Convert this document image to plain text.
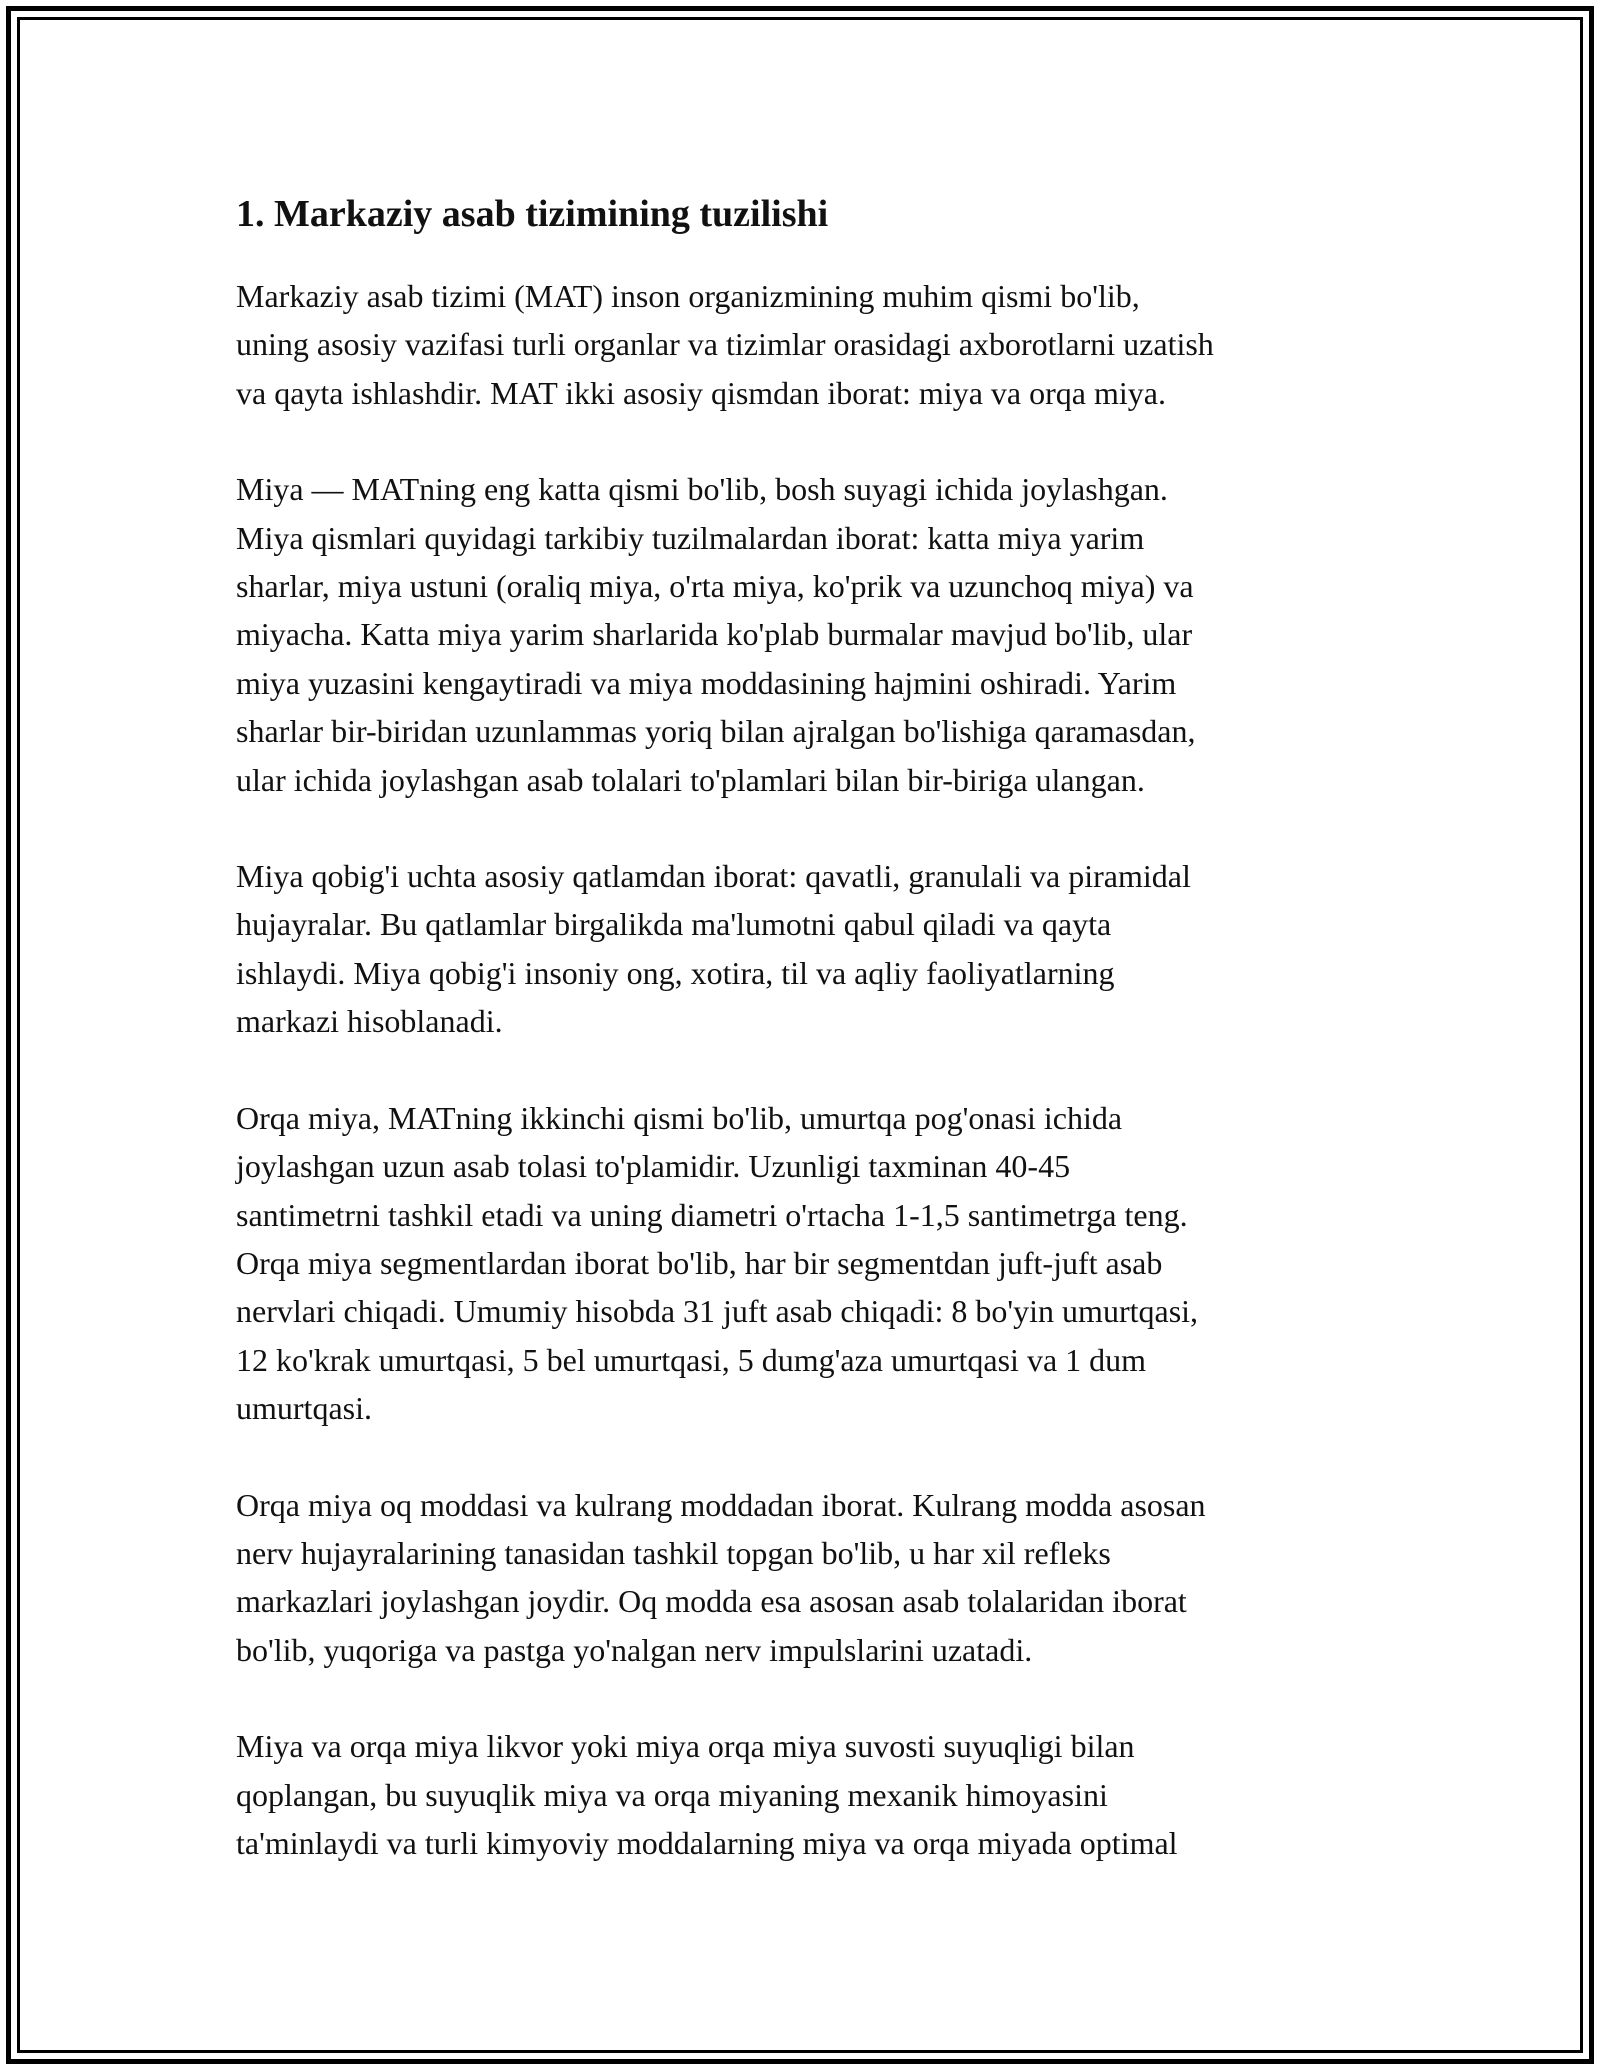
1. Markaziy asab tizimining tuzilishi

Markaziy asab tizimi (MAT) inson organizmining muhim qismi bo'lib,
uning asosiy vazifasi turli organlar va tizimlar orasidagi axborotlarni uzatish
va qayta ishlashdir. MAT ikki asosiy qismdan iborat: miya va orqa miya.

Miya — MATning eng katta qismi bo'lib, bosh suyagi ichida joylashgan.
Miya qismlari quyidagi tarkibiy tuzilmalardan iborat: katta miya yarim
sharlar, miya ustuni (oraliq miya, o'rta miya, ko'prik va uzunchoq miya) va
miyacha. Katta miya yarim sharlarida ko'plab burmalar mavjud bo'lib, ular
miya yuzasini kengaytiradi va miya moddasining hajmini oshiradi. Yarim
sharlar bir-biridan uzunlammas yoriq bilan ajralgan bo'lishiga qaramasdan,
ular ichida joylashgan asab tolalari to'plamlari bilan bir-biriga ulangan.

Miya qobig'i uchta asosiy qatlamdan iborat: qavatli, granulali va piramidal
hujayralar. Bu qatlamlar birgalikda ma'lumotni qabul qiladi va qayta
ishlaydi. Miya qobig'i insoniy ong, xotira, til va aqliy faoliyatlarning
markazi hisoblanadi.

Orqa miya, MATning ikkinchi qismi bo'lib, umurtqa pog'onasi ichida
joylashgan uzun asab tolasi to'plamidir. Uzunligi taxminan 40-45
santimetrni tashkil etadi va uning diametri o'rtacha 1-1,5 santimetrga teng.
Orqa miya segmentlardan iborat bo'lib, har bir segmentdan juft-juft asab
nervlari chiqadi. Umumiy hisobda 31 juft asab chiqadi: 8 bo'yin umurtqasi,
12 ko'krak umurtqasi, 5 bel umurtqasi, 5 dumg'aza umurtqasi va 1 dum
umurtqasi.

Orqa miya oq moddasi va kulrang moddadan iborat. Kulrang modda asosan
nerv hujayralarining tanasidan tashkil topgan bo'lib, u har xil refleks
markazlari joylashgan joydir. Oq modda esa asosan asab tolalaridan iborat
bo'lib, yuqoriga va pastga yo'nalgan nerv impulslarini uzatadi.

Miya va orqa miya likvor yoki miya orqa miya suvosti suyuqligi bilan
qoplangan, bu suyuqlik miya va orqa miyaning mexanik himoyasini
ta'minlaydi va turli kimyoviy moddalarning miya va orqa miyada optimal
